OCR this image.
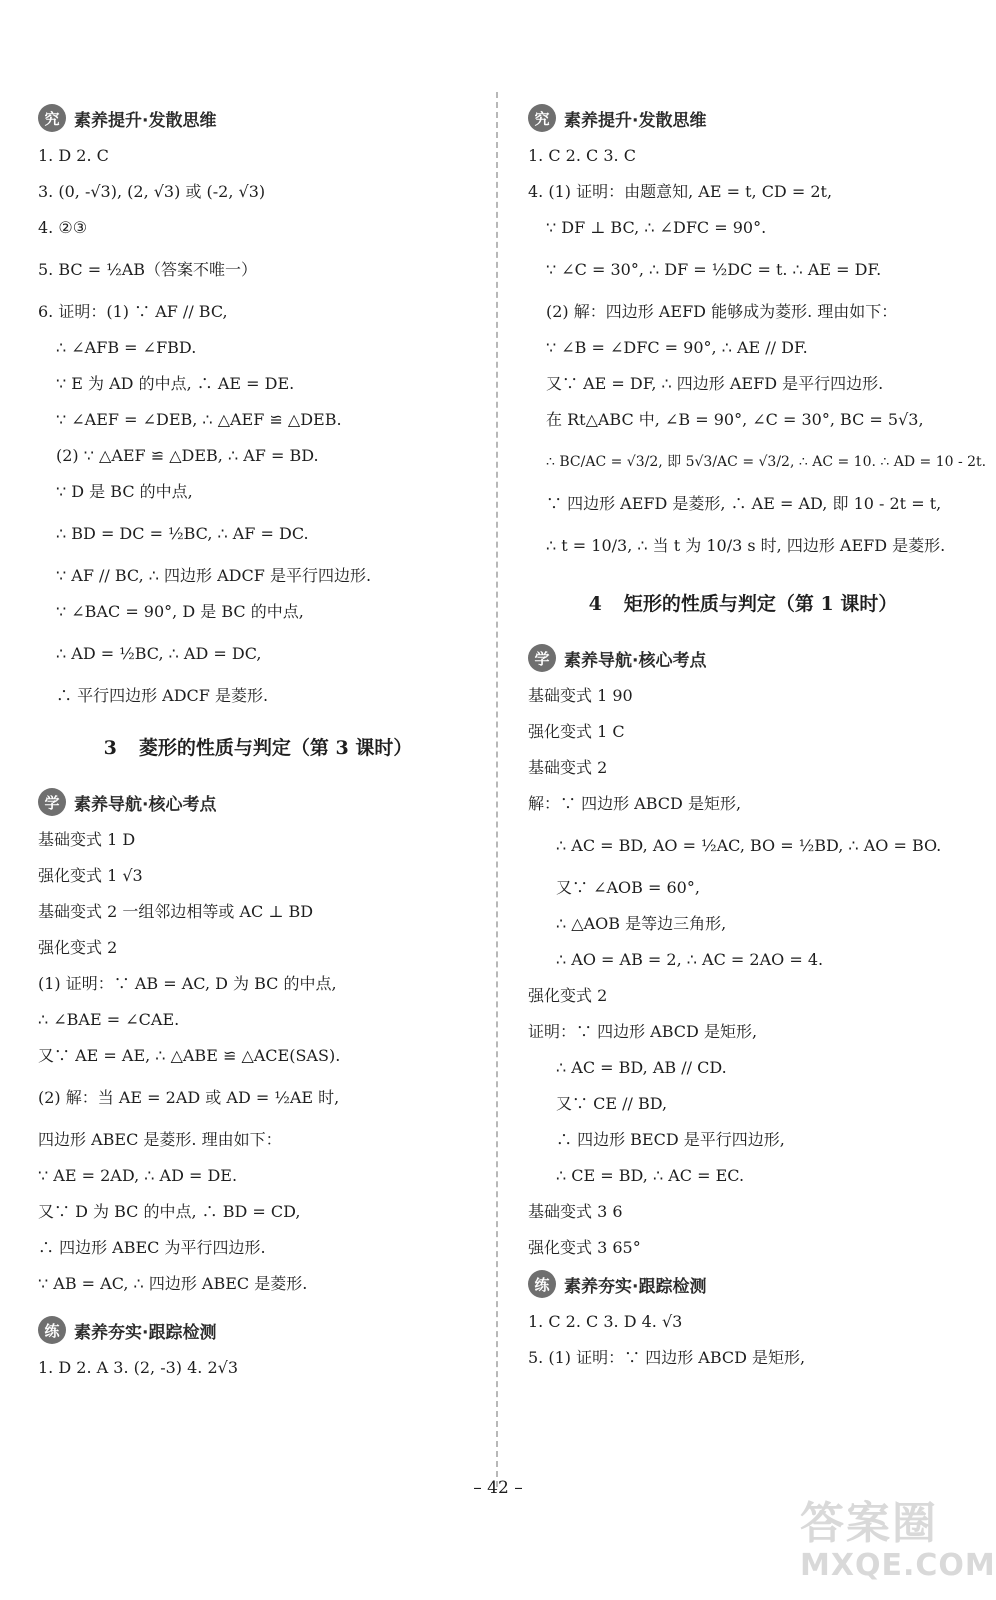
究 素养提升·发散思维
1. D 2. C
3. (0, -√3), (2, √3) 或 (-2, √3)
4. ②③
5. BC = ½AB（答案不唯一）
6. 证明：(1) ∵ AF // BC,
∴ ∠AFB = ∠FBD.
∵ E 为 AD 的中点, ∴ AE = DE.
∵ ∠AEF = ∠DEB, ∴ △AEF ≌ △DEB.
(2) ∵ △AEF ≌ △DEB, ∴ AF = BD.
∵ D 是 BC 的中点,
∴ BD = DC = ½BC, ∴ AF = DC.
∵ AF // BC, ∴ 四边形 ADCF 是平行四边形.
∵ ∠BAC = 90°, D 是 BC 的中点,
∴ AD = ½BC, ∴ AD = DC,
∴ 平行四边形 ADCF 是菱形.
3 菱形的性质与判定（第 3 课时）
学 素养导航·核心考点
基础变式 1 D
强化变式 1 √3
基础变式 2 一组邻边相等或 AC ⊥ BD
强化变式 2
(1) 证明：∵ AB = AC, D 为 BC 的中点,
∴ ∠BAE = ∠CAE.
又∵ AE = AE, ∴ △ABE ≌ △ACE(SAS).
(2) 解：当 AE = 2AD 或 AD = ½AE 时,
四边形 ABEC 是菱形. 理由如下：
∵ AE = 2AD, ∴ AD = DE.
又∵ D 为 BC 的中点, ∴ BD = CD,
∴ 四边形 ABEC 为平行四边形.
∵ AB = AC, ∴ 四边形 ABEC 是菱形.
练 素养夯实·跟踪检测
1. D 2. A 3. (2, -3) 4. 2√3
究 素养提升·发散思维
1. C 2. C 3. C
4. (1) 证明：由题意知, AE = t, CD = 2t,
∵ DF ⊥ BC, ∴ ∠DFC = 90°.
∵ ∠C = 30°, ∴ DF = ½DC = t. ∴ AE = DF.
(2) 解：四边形 AEFD 能够成为菱形. 理由如下：
∵ ∠B = ∠DFC = 90°, ∴ AE // DF.
又∵ AE = DF, ∴ 四边形 AEFD 是平行四边形.
在 Rt△ABC 中, ∠B = 90°, ∠C = 30°, BC = 5√3,
∴ BC/AC = √3/2, 即 5√3/AC = √3/2, ∴ AC = 10. ∴ AD = 10 - 2t.
∵ 四边形 AEFD 是菱形, ∴ AE = AD, 即 10 - 2t = t,
∴ t = 10/3, ∴ 当 t 为 10/3 s 时, 四边形 AEFD 是菱形.
4 矩形的性质与判定（第 1 课时）
学 素养导航·核心考点
基础变式 1 90
强化变式 1 C
基础变式 2
解：∵ 四边形 ABCD 是矩形,
∴ AC = BD, AO = ½AC, BO = ½BD, ∴ AO = BO.
又∵ ∠AOB = 60°,
∴ △AOB 是等边三角形,
∴ AO = AB = 2, ∴ AC = 2AO = 4.
强化变式 2
证明：∵ 四边形 ABCD 是矩形,
∴ AC = BD, AB // CD.
又∵ CE // BD,
∴ 四边形 BECD 是平行四边形,
∴ CE = BD, ∴ AC = EC.
基础变式 3 6
强化变式 3 65°
练 素养夯实·跟踪检测
1. C 2. C 3. D 4. √3
5. (1) 证明：∵ 四边形 ABCD 是矩形,
– 42 –
答案圈
MXQE.COM
